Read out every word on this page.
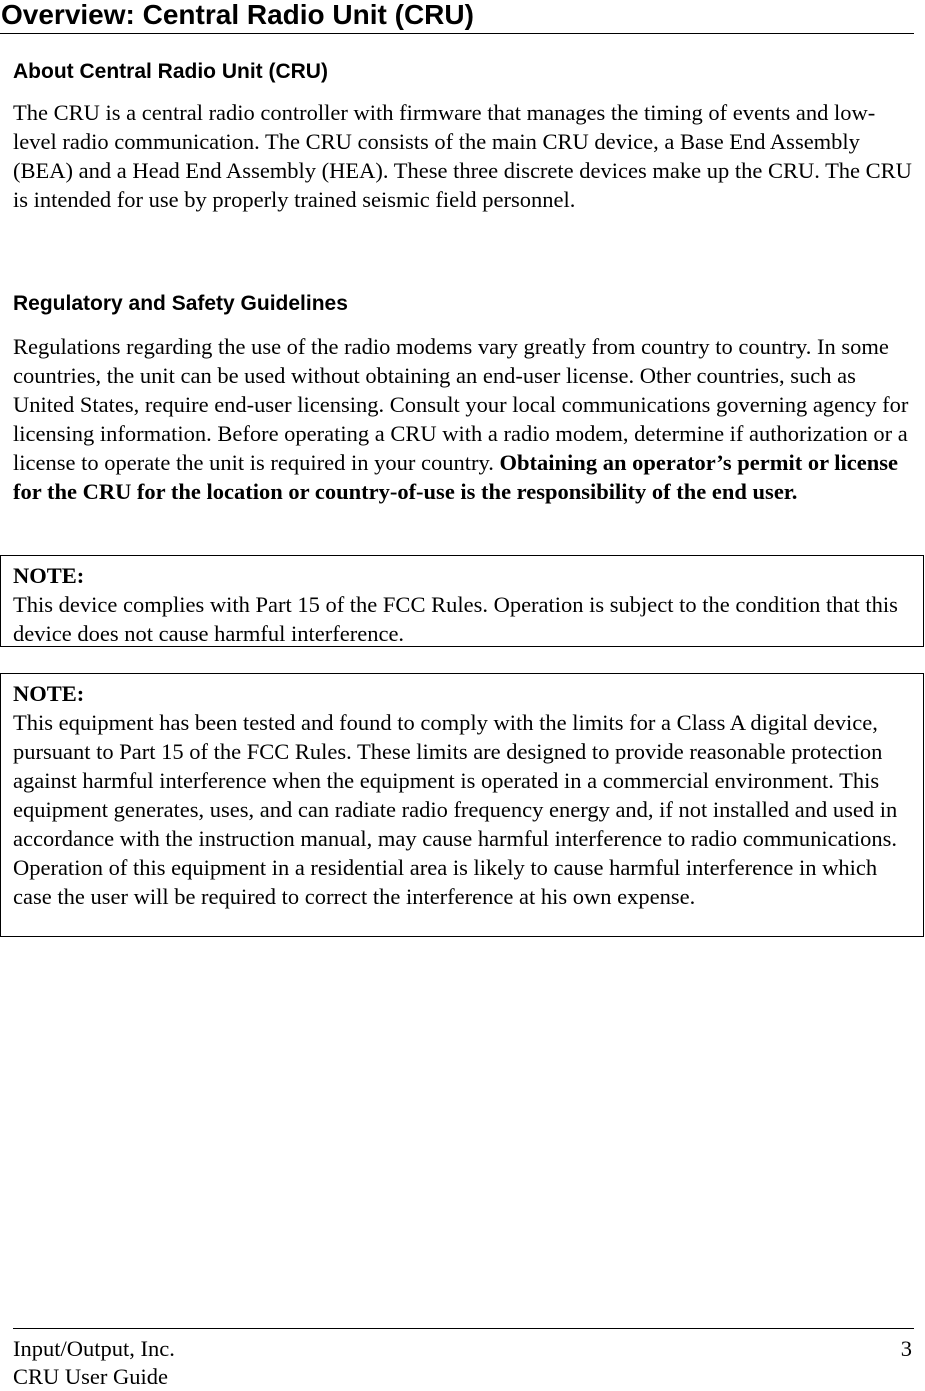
Overview: Central Radio Unit (CRU)
About Central Radio Unit (CRU)
The CRU is a central radio controller with firmware that manages the timing of events and low-level radio communication. The CRU consists of the main CRU device, a Base End Assembly (BEA) and a Head End Assembly (HEA). These three discrete devices make up the CRU. The CRU is intended for use by properly trained seismic field personnel.
Regulatory and Safety Guidelines
Regulations regarding the use of the radio modems vary greatly from country to country. In some countries, the unit can be used without obtaining an end-user license. Other countries, such as United States, require end-user licensing. Consult your local communications governing agency for licensing information. Before operating a CRU with a radio modem, determine if authorization or a license to operate the unit is required in your country. Obtaining an operator’s permit or license for the CRU for the location or country-of-use is the responsibility of the end user.
NOTE:
This device complies with Part 15 of the FCC Rules. Operation is subject to the condition that this device does not cause harmful interference.
NOTE:
This equipment has been tested and found to comply with the limits for a Class A digital device, pursuant to Part 15 of the FCC Rules. These limits are designed to provide reasonable protection against harmful interference when the equipment is operated in a commercial environment. This equipment generates, uses, and can radiate radio frequency energy and, if not installed and used in accordance with the instruction manual, may cause harmful interference to radio communications. Operation of this equipment in a residential area is likely to cause harmful interference in which case the user will be required to correct the interference at his own expense.
Input/Output, Inc.
CRU User Guide
3
